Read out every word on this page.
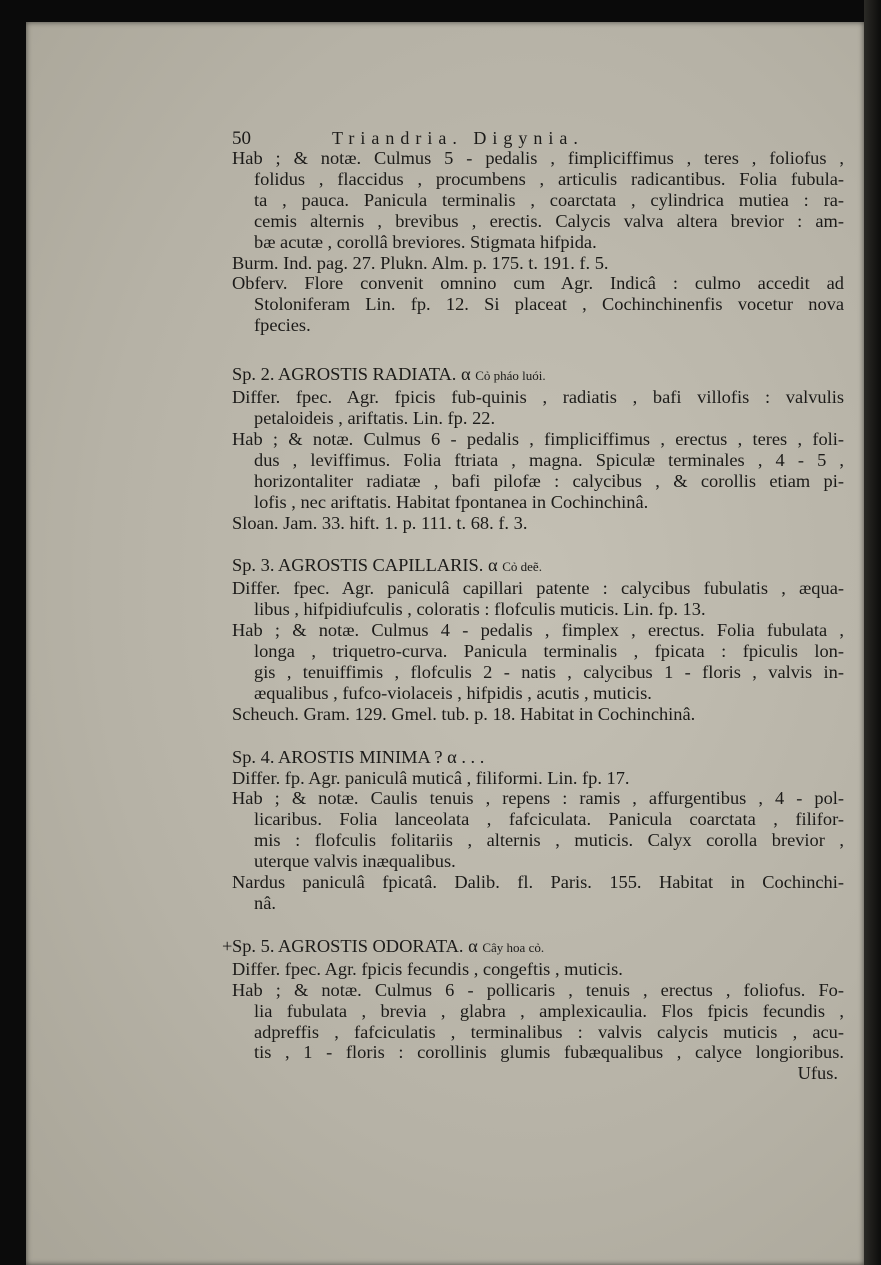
50	Triandria. Digynia.
Hab ; & notæ. Culmus 5 - pedalis , fimpliciffimus , teres , foliofus ,
folidus , flaccidus , procumbens , articulis radicantibus. Folia fubula-
ta , pauca. Panicula terminalis , coarctata , cylindrica mutiea : ra-
cemis alternis , brevibus , erectis. Calycis valva altera brevior : am-
bæ acutæ , corollâ breviores. Stigmata hifpida.
Burm. Ind. pag. 27. Plukn. Alm. p. 175. t. 191. f. 5.
Obferv. Flore convenit omnino cum Agr. Indicâ : culmo accedit ad
Stoloniferam Lin. fp. 12. Si placeat , Cochinchinenfis vocetur nova
fpecies.
Sp. 2. AGROSTIS RADIATA. α Cỏ pháo luói.
Differ. fpec. Agr. fpicis fub-quinis , radiatis , bafi villofis : valvulis
petaloideis , ariftatis. Lin. fp. 22.
Hab ; & notæ. Culmus 6 - pedalis , fimpliciffimus , erectus , teres , foli-
dus , leviffimus. Folia ftriata , magna. Spiculæ terminales , 4 - 5 ,
horizontaliter radiatæ , bafi pilofæ : calycibus , & corollis etiam pi-
lofis , nec ariftatis. Habitat fpontanea in Cochinchinâ.
Sloan. Jam. 33. hift. 1. p. 111. t. 68. f. 3.
Sp. 3. AGROSTIS CAPILLARIS. α Cỏ deẽ.
Differ. fpec. Agr. paniculâ capillari patente : calycibus fubulatis , æqua-
libus , hifpidiufculis , coloratis : flofculis muticis. Lin. fp. 13.
Hab ; & notæ. Culmus 4 - pedalis , fimplex , erectus. Folia fubulata ,
longa , triquetro-curva. Panicula terminalis , fpicata : fpiculis lon-
gis , tenuiffimis , flofculis 2 - natis , calycibus 1 - floris , valvis in-
æqualibus , fufco-violaceis , hifpidis , acutis , muticis.
Scheuch. Gram. 129. Gmel. tub. p. 18. Habitat in Cochinchinâ.
Sp. 4. AROSTIS MINIMA ? α . . .
Differ. fp. Agr. paniculâ muticâ , filiformi. Lin. fp. 17.
Hab ; & notæ. Caulis tenuis , repens : ramis , affurgentibus , 4 - pol-
licaribus. Folia lanceolata , fafciculata. Panicula coarctata , filifor-
mis : flofculis folitariis , alternis , muticis. Calyx corolla brevior ,
uterque valvis inæqualibus.
Nardus paniculâ fpicatâ. Dalib. fl. Paris. 155. Habitat in Cochinchi-
nâ.
+ Sp. 5. AGROSTIS ODORATA. α Cây hoa cỏ.
Differ. fpec. Agr. fpicis fecundis , congeftis , muticis.
Hab ; & notæ. Culmus 6 - pollicaris , tenuis , erectus , foliofus. Fo-
lia fubulata , brevia , glabra , amplexicaulia. Flos fpicis fecundis ,
adpreffis , fafciculatis , terminalibus : valvis calycis muticis , acu-
tis , 1 - floris : corollinis glumis fubæqualibus , calyce longioribus.
Ufus.
